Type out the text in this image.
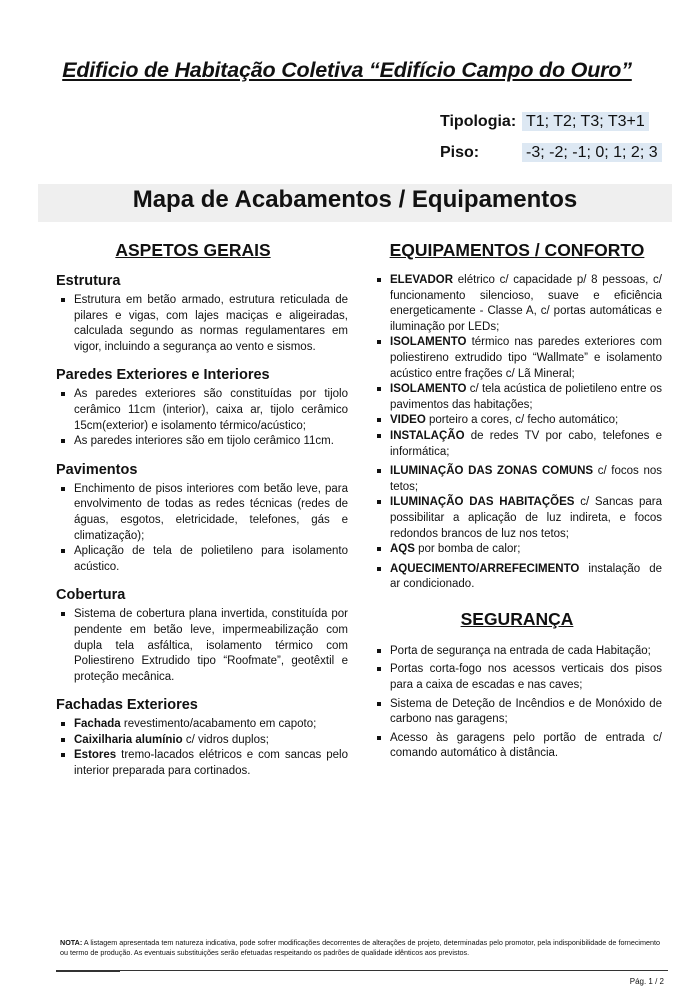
Edificio de Habitação Coletiva “Edifício Campo do Ouro”
Tipologia: T1; T2; T3; T3+1
Piso:	-3; -2; -1; 0; 1; 2; 3
Mapa de Acabamentos / Equipamentos
ASPETOS GERAIS
Estrutura
Estrutura em betão armado, estrutura reticulada de pilares e vigas, com lajes maciças e aligeiradas, calculada segundo as normas regulamentares em vigor, incluindo a segurança ao vento e sismos.
Paredes Exteriores e Interiores
As paredes exteriores são constituídas por tijolo cerâmico 11cm (interior), caixa ar, tijolo cerâmico 15cm(exterior) e isolamento térmico/acústico;
As paredes interiores são em tijolo cerâmico 11cm.
Pavimentos
Enchimento de pisos interiores com betão leve, para envolvimento de todas as redes técnicas (redes de águas, esgotos, eletricidade, telefones, gás e climatização);
Aplicação de tela de polietileno para isolamento acústico.
Cobertura
Sistema de cobertura plana invertida, constituída por pendente em betão leve, impermeabilização com dupla tela asfáltica, isolamento térmico com Poliestireno Extrudido tipo “Roofmate”, geotêxtil e proteção mecânica.
Fachadas Exteriores
Fachada revestimento/acabamento em capoto;
Caixilharia alumínio c/ vidros duplos;
Estores tremo-lacados elétricos e com sancas pelo interior preparada para cortinados.
EQUIPAMENTOS / CONFORTO
ELEVADOR elétrico c/ capacidade p/ 8 pessoas, c/ funcionamento silencioso, suave e eficiência energeticamente - Classe A, c/ portas automáticas e iluminação por LEDs;
ISOLAMENTO térmico nas paredes exteriores com poliestireno extrudido tipo “Wallmate” e isolamento acústico entre frações c/ Lã Mineral;
ISOLAMENTO c/ tela acústica de polietileno entre os pavimentos das habitações;
VIDEO porteiro a cores, c/ fecho automático;
INSTALAÇÃO de redes TV por cabo, telefones e informática;
ILUMINAÇÃO DAS ZONAS COMUNS c/ focos nos tetos;
ILUMINAÇÃO DAS HABITAÇÕES c/ Sancas para possibilitar a aplicação de luz indireta, e focos redondos brancos de luz nos tetos;
AQS por bomba de calor;
AQUECIMENTO/ARREFECIMENTO instalação de ar condicionado.
SEGURANÇA
Porta de segurança na entrada de cada Habitação;
Portas corta-fogo nos acessos verticais dos pisos para a caixa de escadas e nas caves;
Sistema de Deteção de Incêndios e de Monóxido de carbono nas garagens;
Acesso às garagens pelo portão de entrada c/ comando automático à distância.
NOTA: A listagem apresentada tem natureza indicativa, pode sofrer modificações decorrentes de alterações de projeto, determinadas pelo promotor, pela indisponibilidade de fornecimento ou termo de produção. As eventuais substituições serão efetuadas respeitando os padrões de qualidade idênticos aos previstos.
Pág. 1 / 2
